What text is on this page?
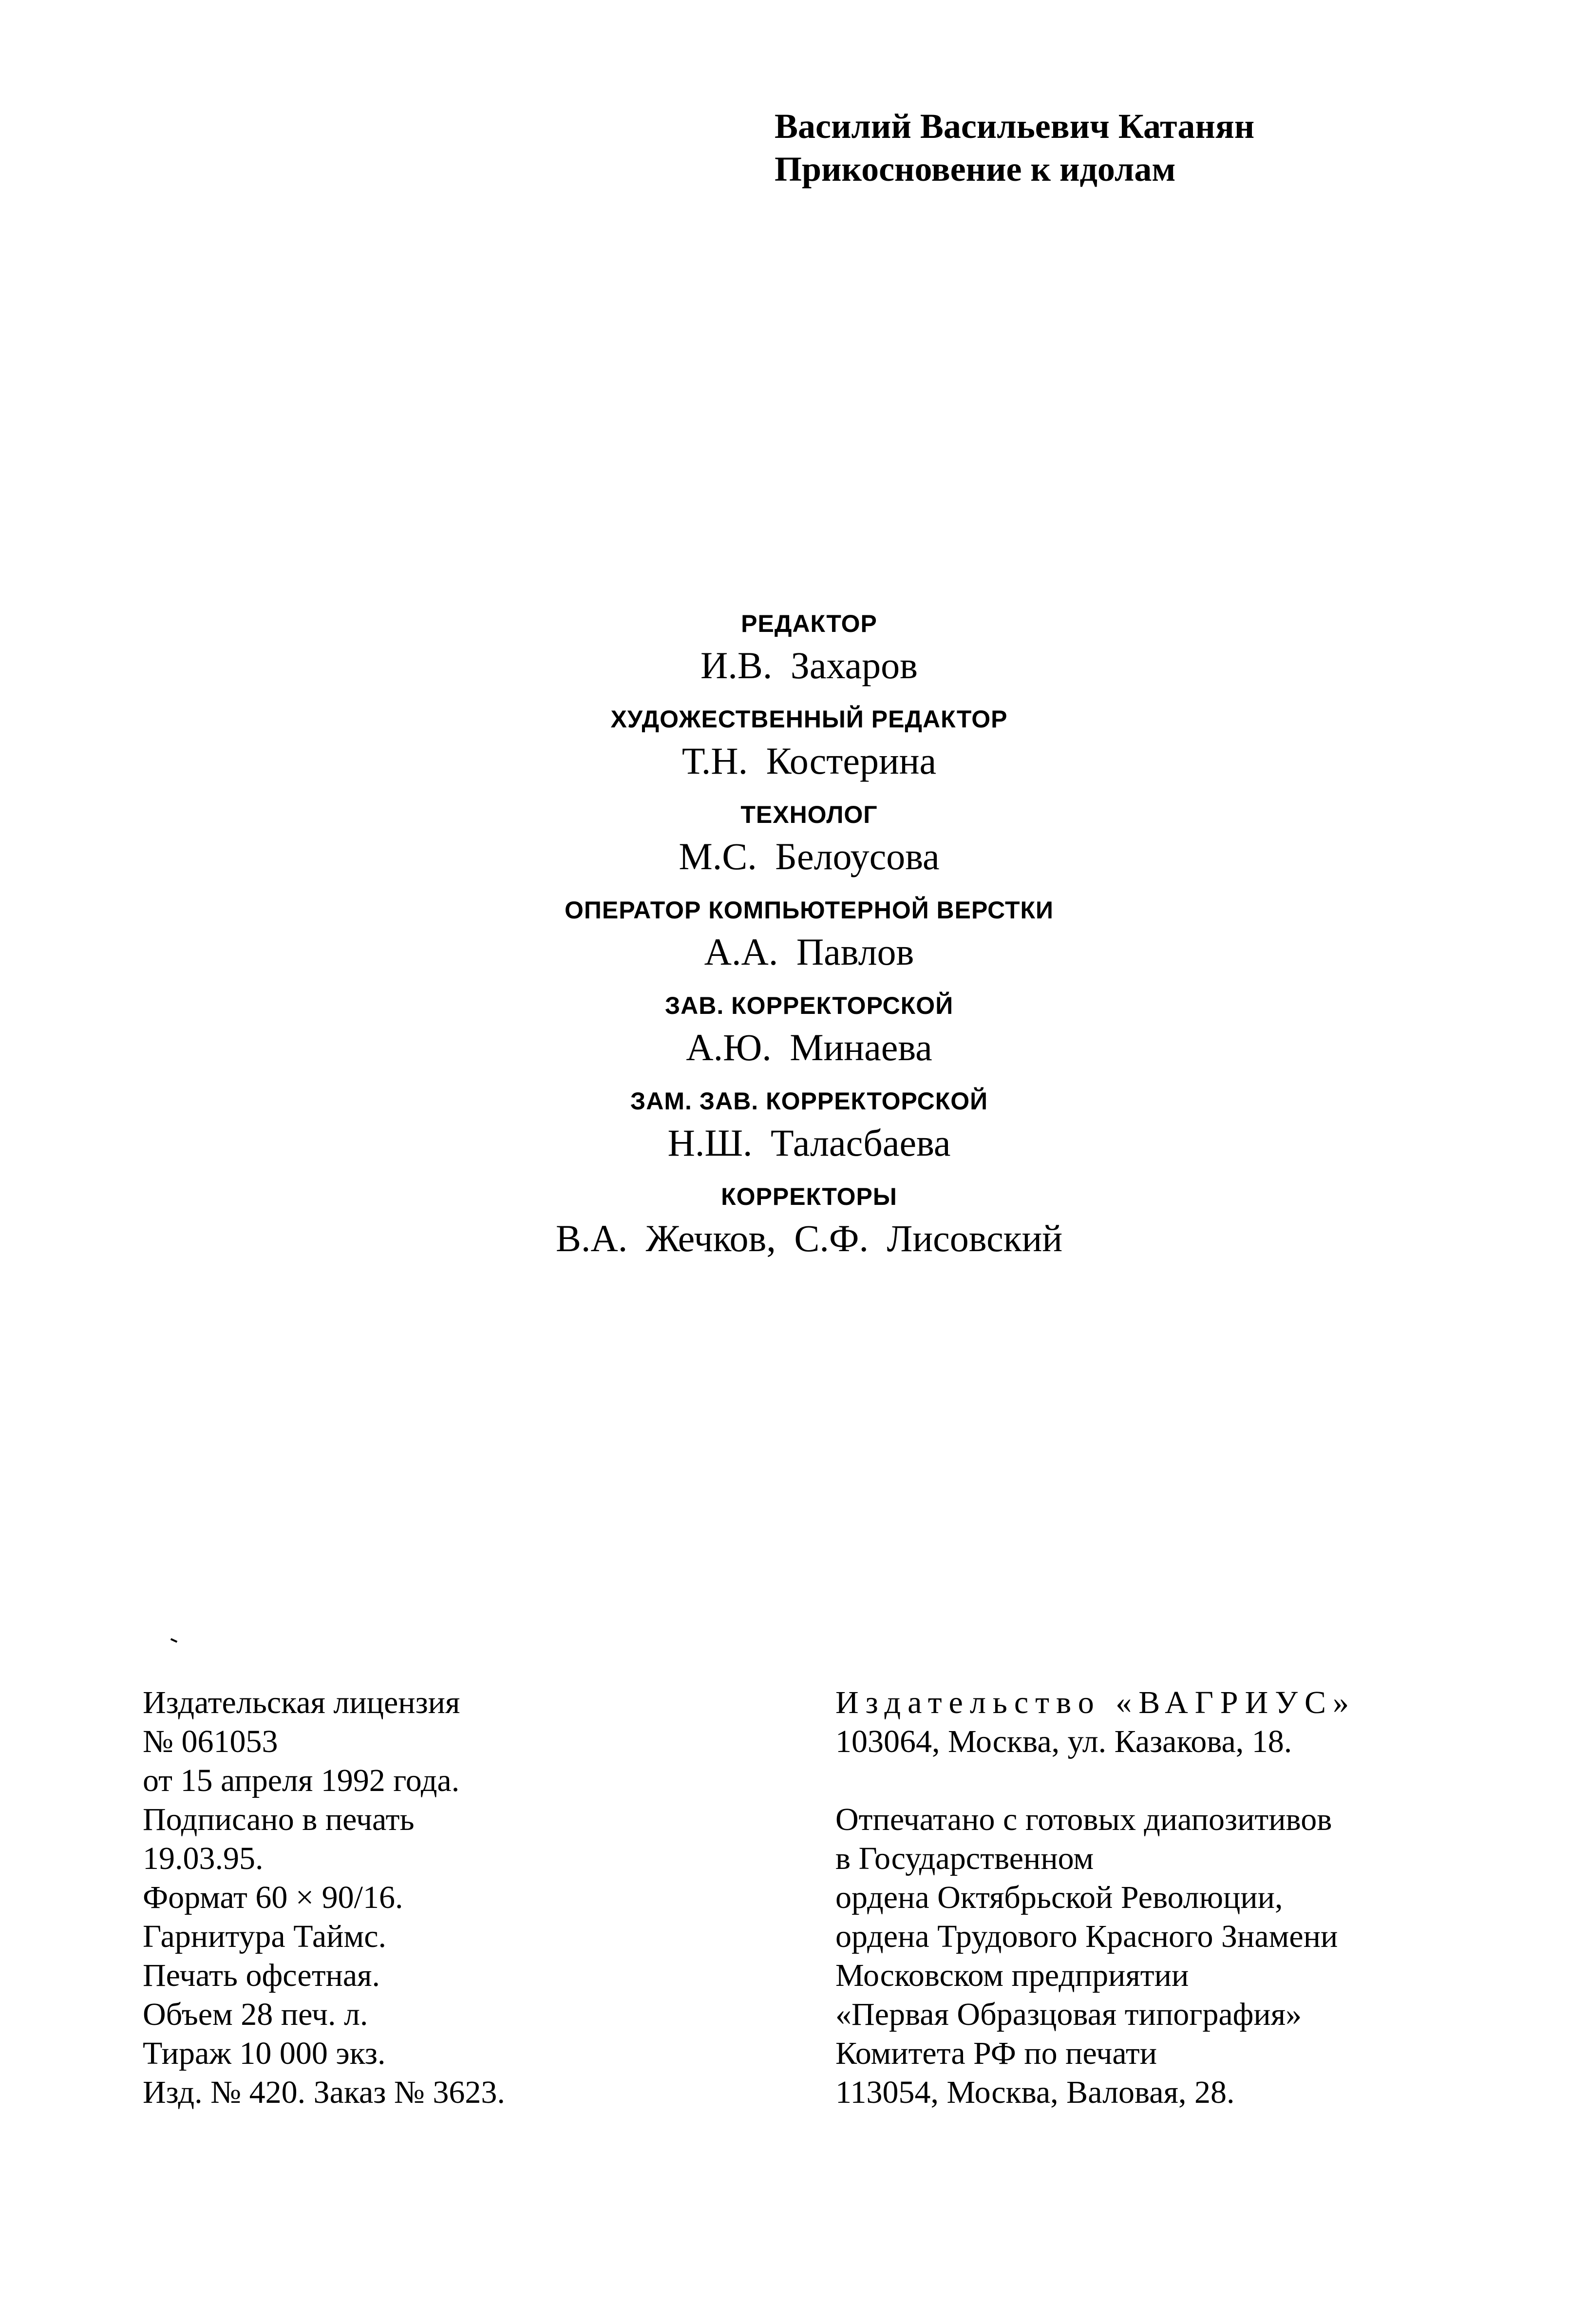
Василий Васильевич Катанян
Прикосновение к идолам
РЕДАКТОР
И.В. Захаров
ХУДОЖЕСТВЕННЫЙ РЕДАКТОР
Т.Н. Костерина
ТЕХНОЛОГ
М.С. Белоусова
ОПЕРАТОР КОМПЬЮТЕРНОЙ ВЕРСТКИ
А.А. Павлов
ЗАВ. КОРРЕКТОРСКОЙ
А.Ю. Минаева
ЗАМ. ЗАВ. КОРРЕКТОРСКОЙ
Н.Ш. Таласбаева
КОРРЕКТОРЫ
В.А. Жечков, С.Ф. Лисовский
Издательская лицензия
№ 061053
от 15 апреля 1992 года.
Подписано в печать
19.03.95.
Формат 60 × 90/16.
Гарнитура Таймс.
Печать офсетная.
Объем 28 печ. л.
Тираж 10 000 экз.
Изд. № 420. Заказ № 3623.
Издательство «ВАГРИУС»
103064, Москва, ул. Казакова, 18.
Отпечатано с готовых диапозитивов
в Государственном
ордена Октябрьской Революции,
ордена Трудового Красного Знамени
Московском предприятии
«Первая Образцовая типография»
Комитета РФ по печати
113054, Москва, Валовая, 28.
